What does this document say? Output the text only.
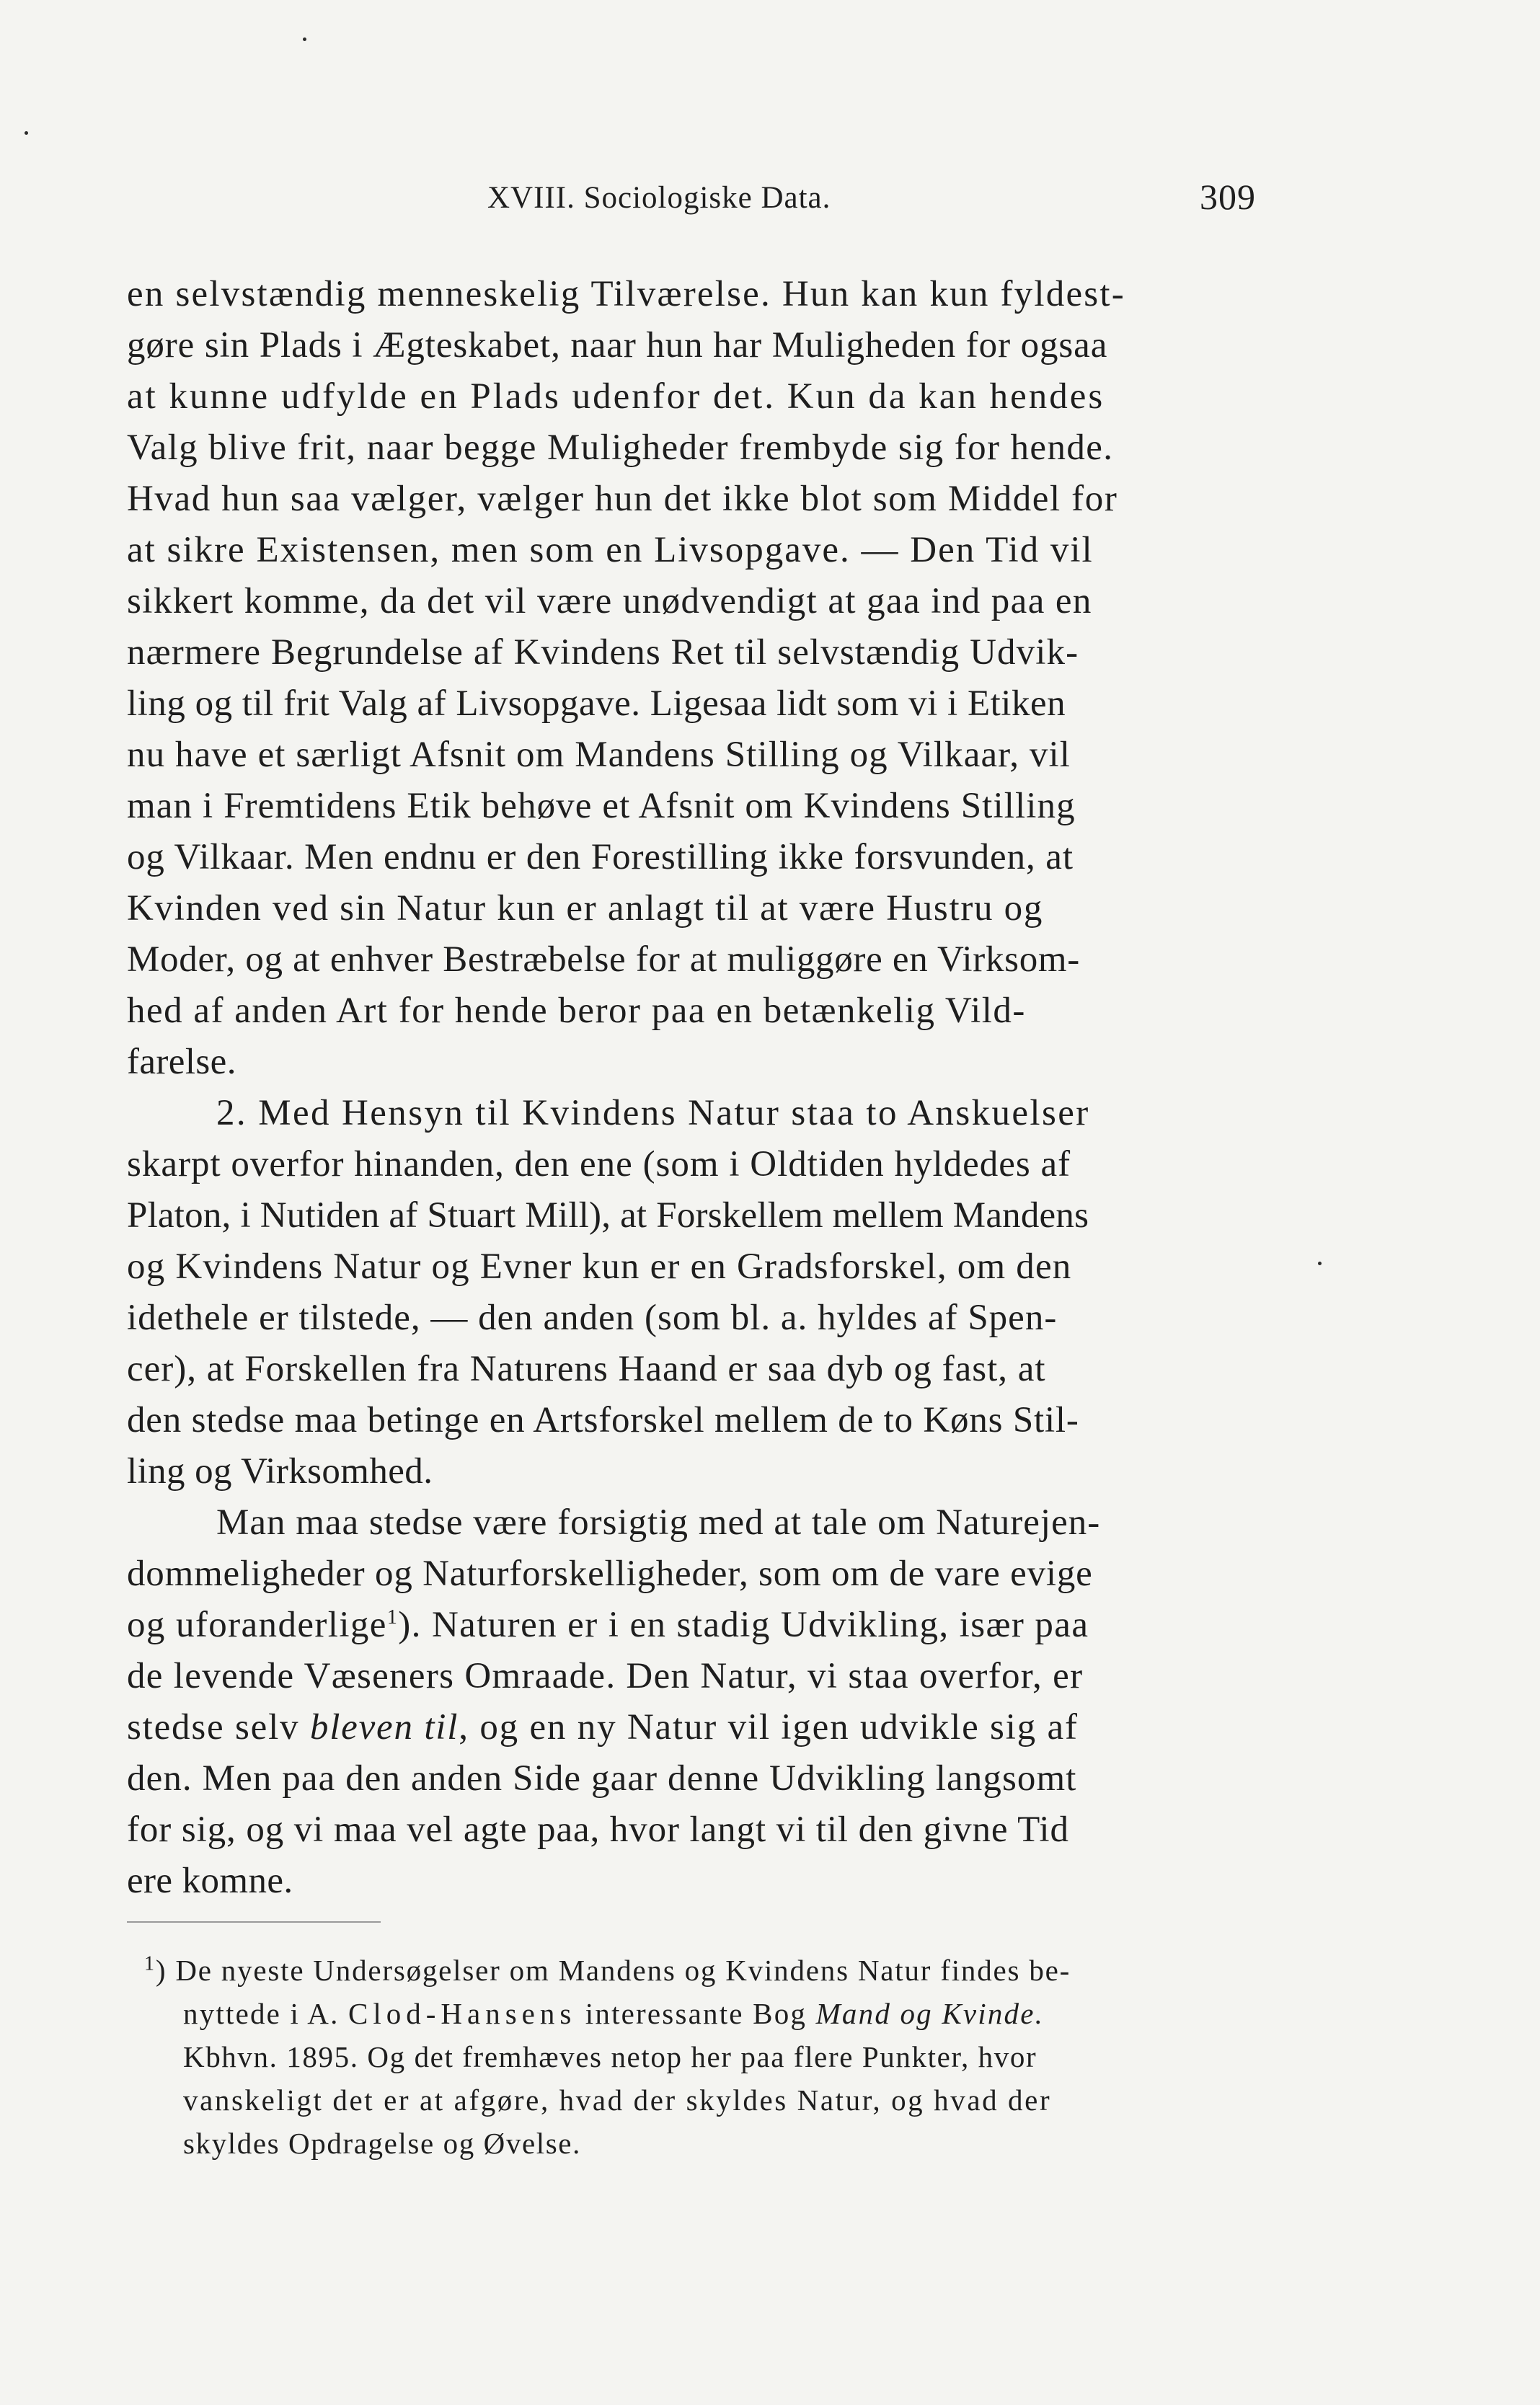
XVIII. Sociologiske Data.	309
en selvstændig menneskelig Tilværelse. Hun kan kun fyldest-
gøre sin Plads i Ægteskabet, naar hun har Muligheden for ogsaa
at kunne udfylde en Plads udenfor det. Kun da kan hendes
Valg blive frit, naar begge Muligheder frembyde sig for hende.
Hvad hun saa vælger, vælger hun det ikke blot som Middel for
at sikre Existensen, men som en Livsopgave. — Den Tid vil
sikkert komme, da det vil være unødvendigt at gaa ind paa en
nærmere Begrundelse af Kvindens Ret til selvstændig Udvik-
ling og til frit Valg af Livsopgave. Ligesaa lidt som vi i Etiken
nu have et særligt Afsnit om Mandens Stilling og Vilkaar, vil
man i Fremtidens Etik behøve et Afsnit om Kvindens Stilling
og Vilkaar. Men endnu er den Forestilling ikke forsvunden, at
Kvinden ved sin Natur kun er anlagt til at være Hustru og
Moder, og at enhver Bestræbelse for at muliggøre en Virksom-
hed af anden Art for hende beror paa en betænkelig Vild-
farelse.
2. Med Hensyn til Kvindens Natur staa to Anskuelser
skarpt overfor hinanden, den ene (som i Oldtiden hyldedes af
Platon, i Nutiden af Stuart Mill), at Forskellem mellem Mandens
og Kvindens Natur og Evner kun er en Gradsforskel, om den
idethele er tilstede, — den anden (som bl. a. hyldes af Spen-
cer), at Forskellen fra Naturens Haand er saa dyb og fast, at
den stedse maa betinge en Artsforskel mellem de to Køns Stil-
ling og Virksomhed.
Man maa stedse være forsigtig med at tale om Naturejen-
dommeligheder og Naturforskelligheder, som om de vare evige
og uforanderlige$^1$). Naturen er i en stadig Udvikling, især paa
de levende Væseners Omraade. Den Natur, vi staa overfor, er
stedse selv bleven til, og en ny Natur vil igen udvikle sig af
den. Men paa den anden Side gaar denne Udvikling langsomt
for sig, og vi maa vel agte paa, hvor langt vi til den givne Tid
ere komne.
$^1$) De nyeste Undersøgelser om Mandens og Kvindens Natur findes be-
nyttede i A. Clod-Hansens interessante Bog Mand og Kvinde.
Kbhvn. 1895. Og det fremhæves netop her paa flere Punkter, hvor
vanskeligt det er at afgøre, hvad der skyldes Natur, og hvad der
skyldes Opdragelse og Øvelse.
